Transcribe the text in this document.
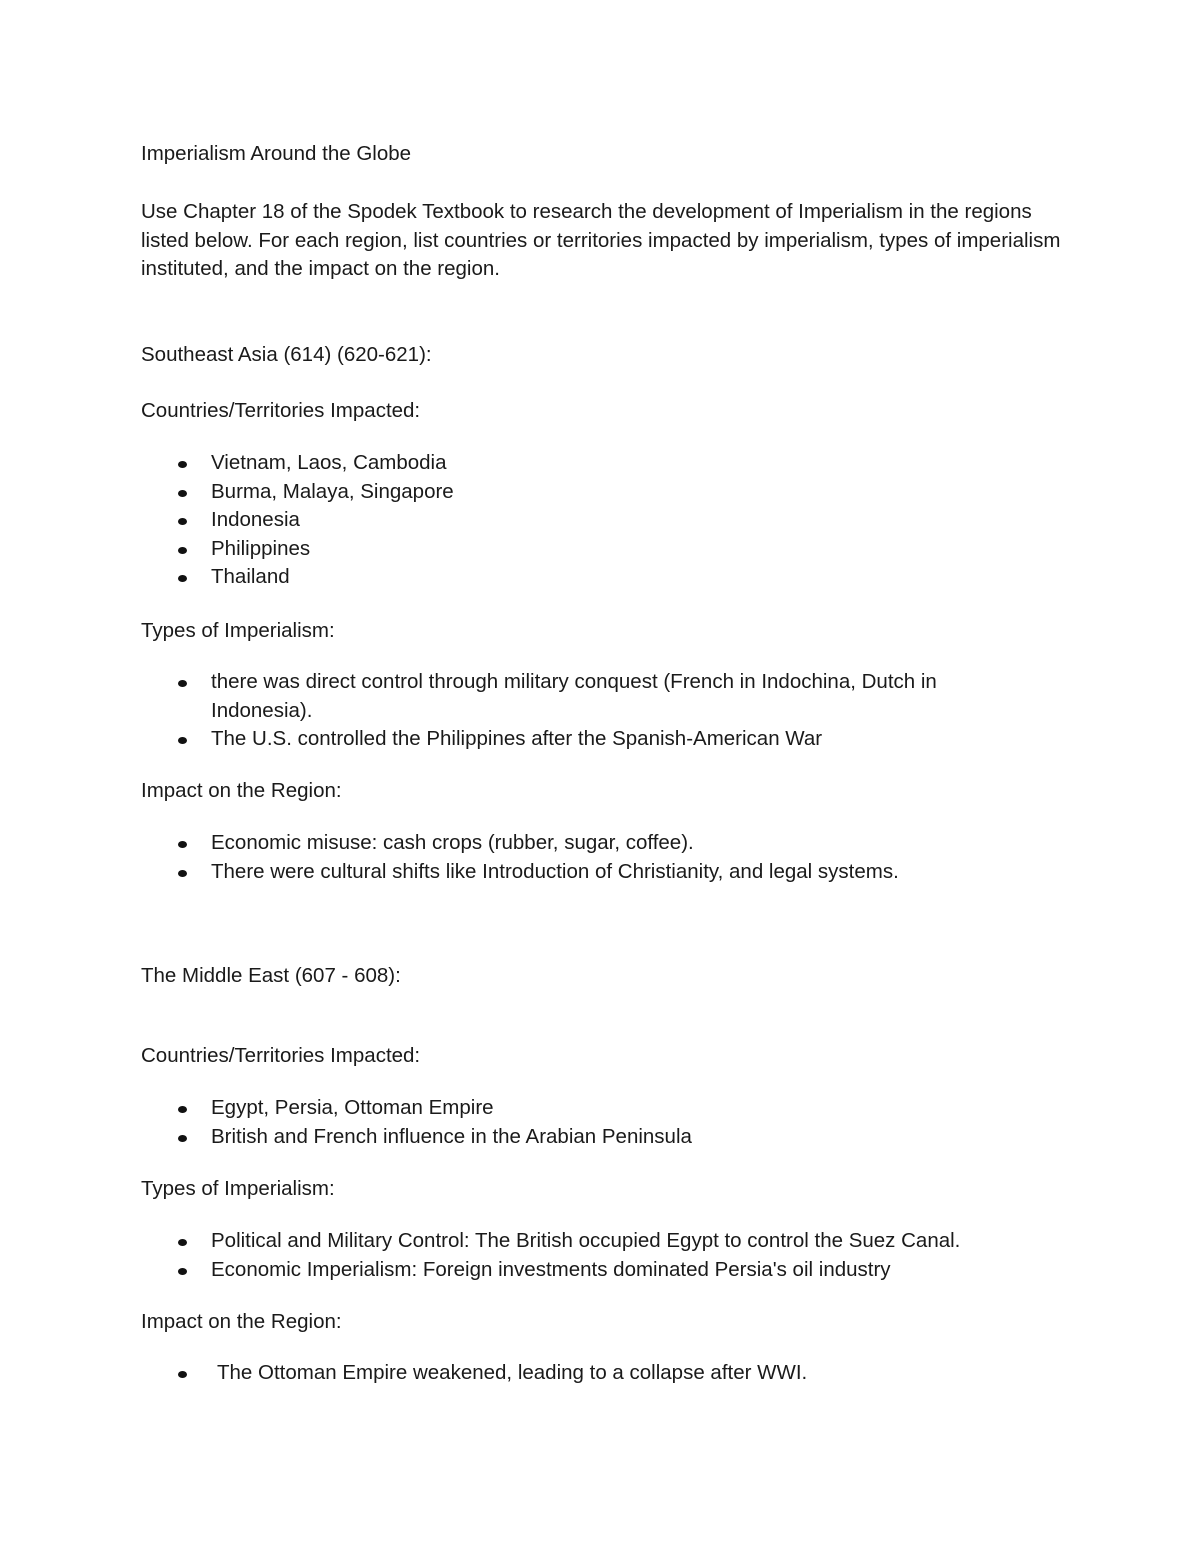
Imperialism Around the Globe

Use Chapter 18 of the Spodek Textbook to research the development of Imperialism in the regions listed below. For each region, list countries or territories impacted by imperialism, types of imperialism instituted, and the impact on the region.

Southeast Asia (614) (620-621):

Countries/Territories Impacted:

Vietnam, Laos, Cambodia
Burma, Malaya, Singapore
Indonesia
Philippines
Thailand

Types of Imperialism:

there was direct control through military conquest (French in Indochina, Dutch in Indonesia).
The U.S. controlled the Philippines after the Spanish-American War

Impact on the Region:

Economic misuse: cash crops (rubber, sugar, coffee).
There were cultural shifts like Introduction of Christianity, and legal systems.

The Middle East (607 - 608):

Countries/Territories Impacted:

Egypt, Persia, Ottoman Empire
British and French influence in the Arabian Peninsula

Types of Imperialism:

Political and Military Control: The British occupied Egypt to control the Suez Canal.
Economic Imperialism: Foreign investments dominated Persia's oil industry

Impact on the Region:

The Ottoman Empire weakened, leading to a collapse after WWI.
